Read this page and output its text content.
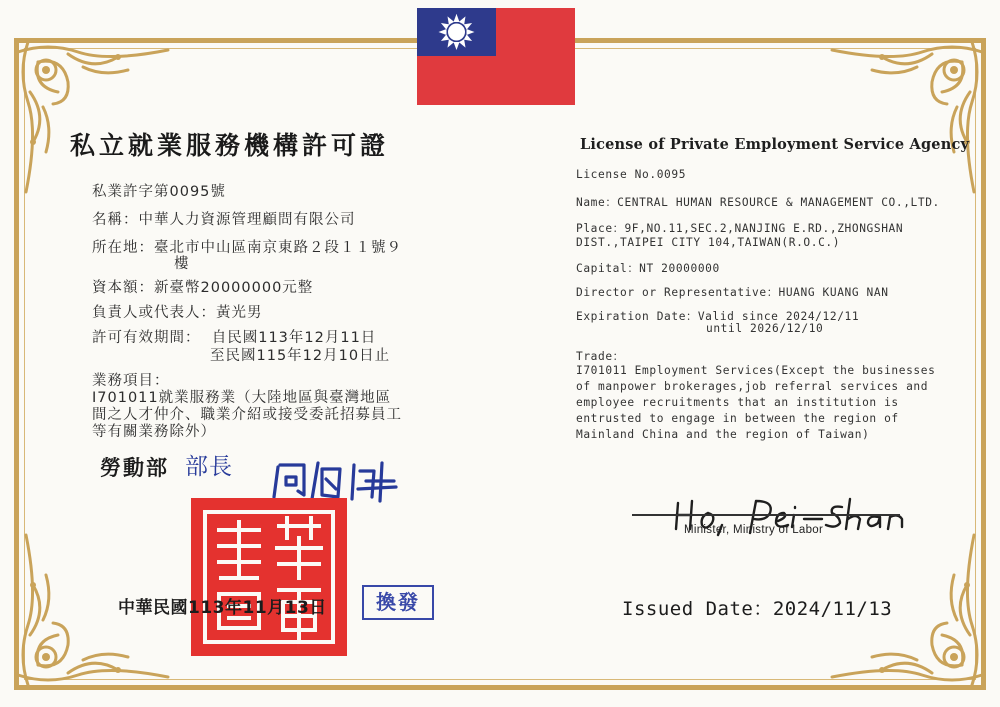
私立就業服務機構許可證
私業許字第0095號
名稱：中華人力資源管理顧問有限公司
所在地：臺北市中山區南京東路２段１１號９
樓
資本額：新臺幣20000000元整
負責人或代表人：黃光男
許可有效期間：  自民國113年12月11日
至民國115年12月10日止
業務項目：
I701011就業服務業（大陸地區與臺灣地區
間之人才仲介、職業介紹或接受委託招募員工
等有關業務除外）
勞動部 部長

中華民國113年11月13日	換發
License of Private Employment Service Agency
License No.0095
Name：CENTRAL HUMAN RESOURCE & MANAGEMENT CO.,LTD.
Place：9F,NO.11,SEC.2,NANJING E.RD.,ZHONGSHAN
DIST.,TAIPEI CITY 104,TAIWAN(R.O.C.)
Capital：NT 20000000
Director or Representative：HUANG KUANG NAN
Expiration Date：Valid since 2024/12/11
until 2026/12/10
Trade：
I701011 Employment Services(Except the businesses
of manpower brokerages,job referral services and
employee recruitments that an institution is
entrusted to engage in between the region of
Mainland China and the region of Taiwan)

Minister, Ministry of Labor
Issued Date：2024/11/13
